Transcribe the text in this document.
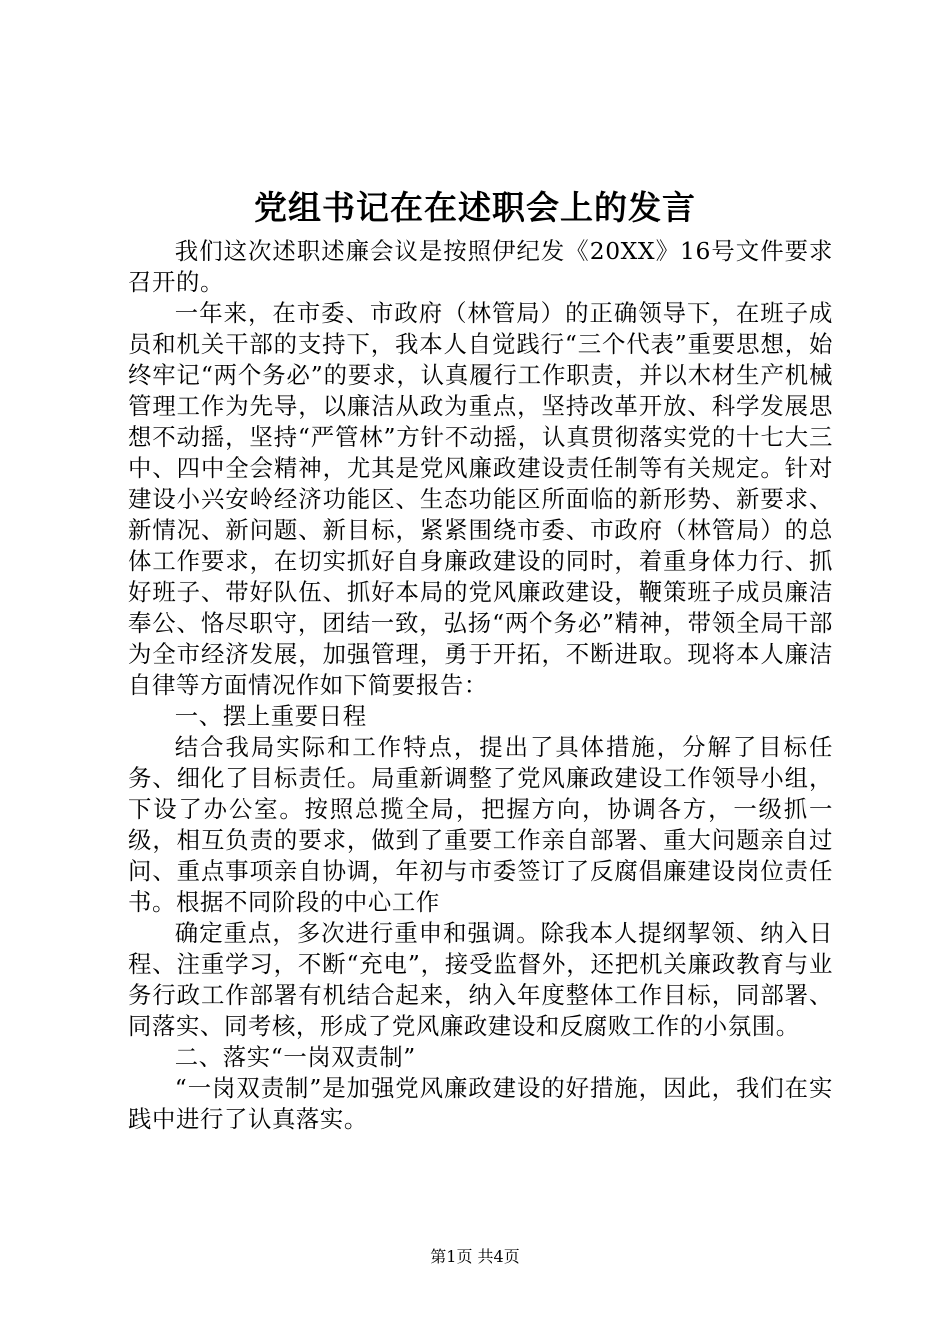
党组书记在在述职会上的发言

我们这次述职述廉会议是按照伊纪发《20XX》16号文件要求召开的。

一年来，在市委、市政府（林管局）的正确领导下，在班子成员和机关干部的支持下，我本人自觉践行“三个代表”重要思想，始终牢记“两个务必”的要求，认真履行工作职责，并以木材生产机械管理工作为先导，以廉洁从政为重点，坚持改革开放、科学发展思想不动摇，坚持“严管林”方针不动摇，认真贯彻落实党的十七大三中、四中全会精神，尤其是党风廉政建设责任制等有关规定。针对建设小兴安岭经济功能区、生态功能区所面临的新形势、新要求、新情况、新问题、新目标，紧紧围绕市委、市政府（林管局）的总体工作要求，在切实抓好自身廉政建设的同时，着重身体力行、抓好班子、带好队伍、抓好本局的党风廉政建设，鞭策班子成员廉洁奉公、恪尽职守，团结一致，弘扬“两个务必”精神，带领全局干部为全市经济发展，加强管理，勇于开拓，不断进取。现将本人廉洁自律等方面情况作如下简要报告：

一、摆上重要日程

结合我局实际和工作特点，提出了具体措施，分解了目标任务、细化了目标责任。局重新调整了党风廉政建设工作领导小组，下设了办公室。按照总揽全局，把握方向，协调各方，一级抓一级，相互负责的要求，做到了重要工作亲自部署、重大问题亲自过问、重点事项亲自协调，年初与市委签订了反腐倡廉建设岗位责任书。根据不同阶段的中心工作

确定重点，多次进行重申和强调。除我本人提纲挈领、纳入日程、注重学习，不断“充电”，接受监督外，还把机关廉政教育与业务行政工作部署有机结合起来，纳入年度整体工作目标，同部署、同落实、同考核，形成了党风廉政建设和反腐败工作的小氛围。

二、落实“一岗双责制”

“一岗双责制”是加强党风廉政建设的好措施，因此，我们在实践中进行了认真落实。

第1页 共4页
